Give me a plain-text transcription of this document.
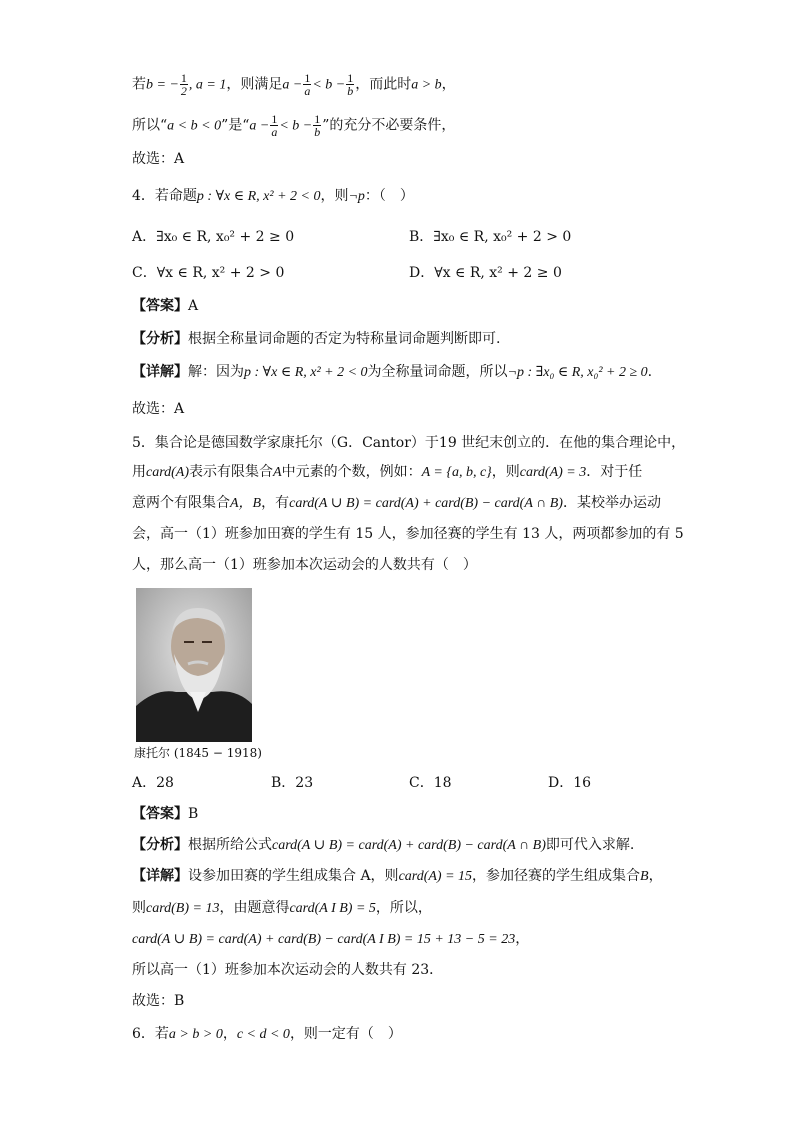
若b = − $\frac{1}{2}$ , a = 1，则满足$a - \frac{1}{a} < b - \frac{1}{b}$ ，而此时a > b，
所以“a < b < 0”是“$a - \frac{1}{a} < b - \frac{1}{b}$ ”的充分不必要条件，
故选：A
4．若命题p : ∀x ∈ R, x² + 2 < 0，则¬p：（　）
A．∃x₀ ∈ R, x₀² + 2 ≥ 0	B．∃x₀ ∈ R, x₀² + 2 > 0
C．∀x ∈ R, x² + 2 > 0	D．∀x ∈ R, x² + 2 ≥ 0
【答案】A
【分析】根据全称量词命题的否定为特称量词命题判断即可.
【详解】解：因为p : ∀x ∈ R, x² + 2 < 0为全称量词命题，所以¬p : ∃x₀ ∈ R, x₀² + 2 ≥ 0.
故选：A
5．集合论是德国数学家康托尔（G．Cantor）于19 世纪末创立的．在他的集合理论中，
用card(A)表示有限集合A中元素的个数，例如：A = {a, b, c}，则card(A) = 3．对于任
意两个有限集合A，B，有card(A ∪ B) = card(A) + card(B) − card(A ∩ B)．某校举办运动
会，高一（1）班参加田赛的学生有 15 人，参加径赛的学生有 13 人，两项都参加的有 5
人，那么高一（1）班参加本次运动会的人数共有（　）
康托尔 (1845 − 1918)
A．28	B．23	C．18	D．16
【答案】B
【分析】根据所给公式card(A ∪ B) = card(A) + card(B) − card(A ∩ B)即可代入求解.
【详解】设参加田赛的学生组成集合 A，则card(A) = 15，参加径赛的学生组成集合B，
则card(B) = 13，由题意得card(A I B) = 5，所以，
card(A ∪ B) = card(A) + card(B) − card(A I B) = 15 + 13 − 5 = 23，
所以高一（1）班参加本次运动会的人数共有 23．
故选：B
6．若a > b > 0，c < d < 0，则一定有（　）
